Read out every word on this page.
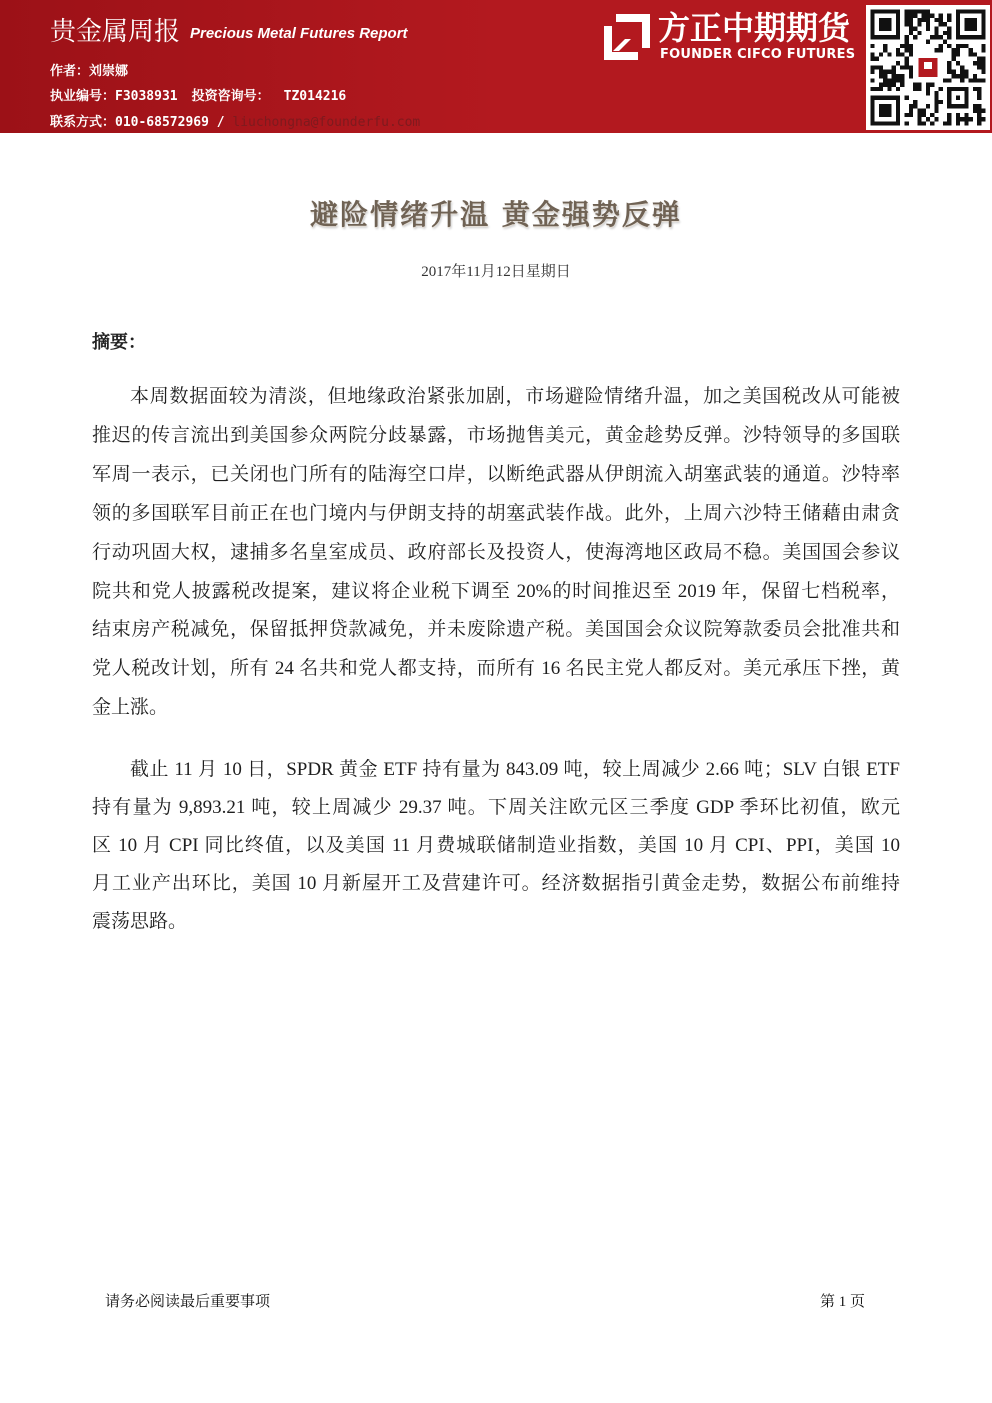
贵金属周报 Precious Metal Futures Report
作者：刘崇娜
执业编号：F3038931 投资咨询号： TZ014216
联系方式：010-68572969 / liuchongna@founderfu.com
方正中期期货
FOUNDER CIFCO FUTURES
避险情绪升温 黄金强势反弹
2017年11月12日星期日
摘要：
本周数据面较为清淡，但地缘政治紧张加剧，市场避险情绪升温，加之美国税改从可能被
推迟的传言流出到美国参众两院分歧暴露，市场抛售美元，黄金趁势反弹。沙特领导的多国联
军周一表示，已关闭也门所有的陆海空口岸，以断绝武器从伊朗流入胡塞武装的通道。沙特率
领的多国联军目前正在也门境内与伊朗支持的胡塞武装作战。此外，上周六沙特王储藉由肃贪
行动巩固大权，逮捕多名皇室成员、政府部长及投资人，使海湾地区政局不稳。美国国会参议
院共和党人披露税改提案，建议将企业税下调至 20%的时间推迟至 2019 年，保留七档税率，
结束房产税减免，保留抵押贷款减免，并未废除遗产税。美国国会众议院筹款委员会批准共和
党人税改计划，所有 24 名共和党人都支持，而所有 16 名民主党人都反对。美元承压下挫，黄
金上涨。
截止 11 月 10 日，SPDR 黄金 ETF 持有量为 843.09 吨，较上周减少 2.66 吨；SLV 白银 ETF
持有量为 9,893.21 吨，较上周减少 29.37 吨。下周关注欧元区三季度 GDP 季环比初值，欧元
区 10 月 CPI 同比终值，以及美国 11 月费城联储制造业指数，美国 10 月 CPI、PPI，美国 10
月工业产出环比，美国 10 月新屋开工及营建许可。经济数据指引黄金走势，数据公布前维持
震荡思路。
请务必阅读最后重要事项	第 1 页
